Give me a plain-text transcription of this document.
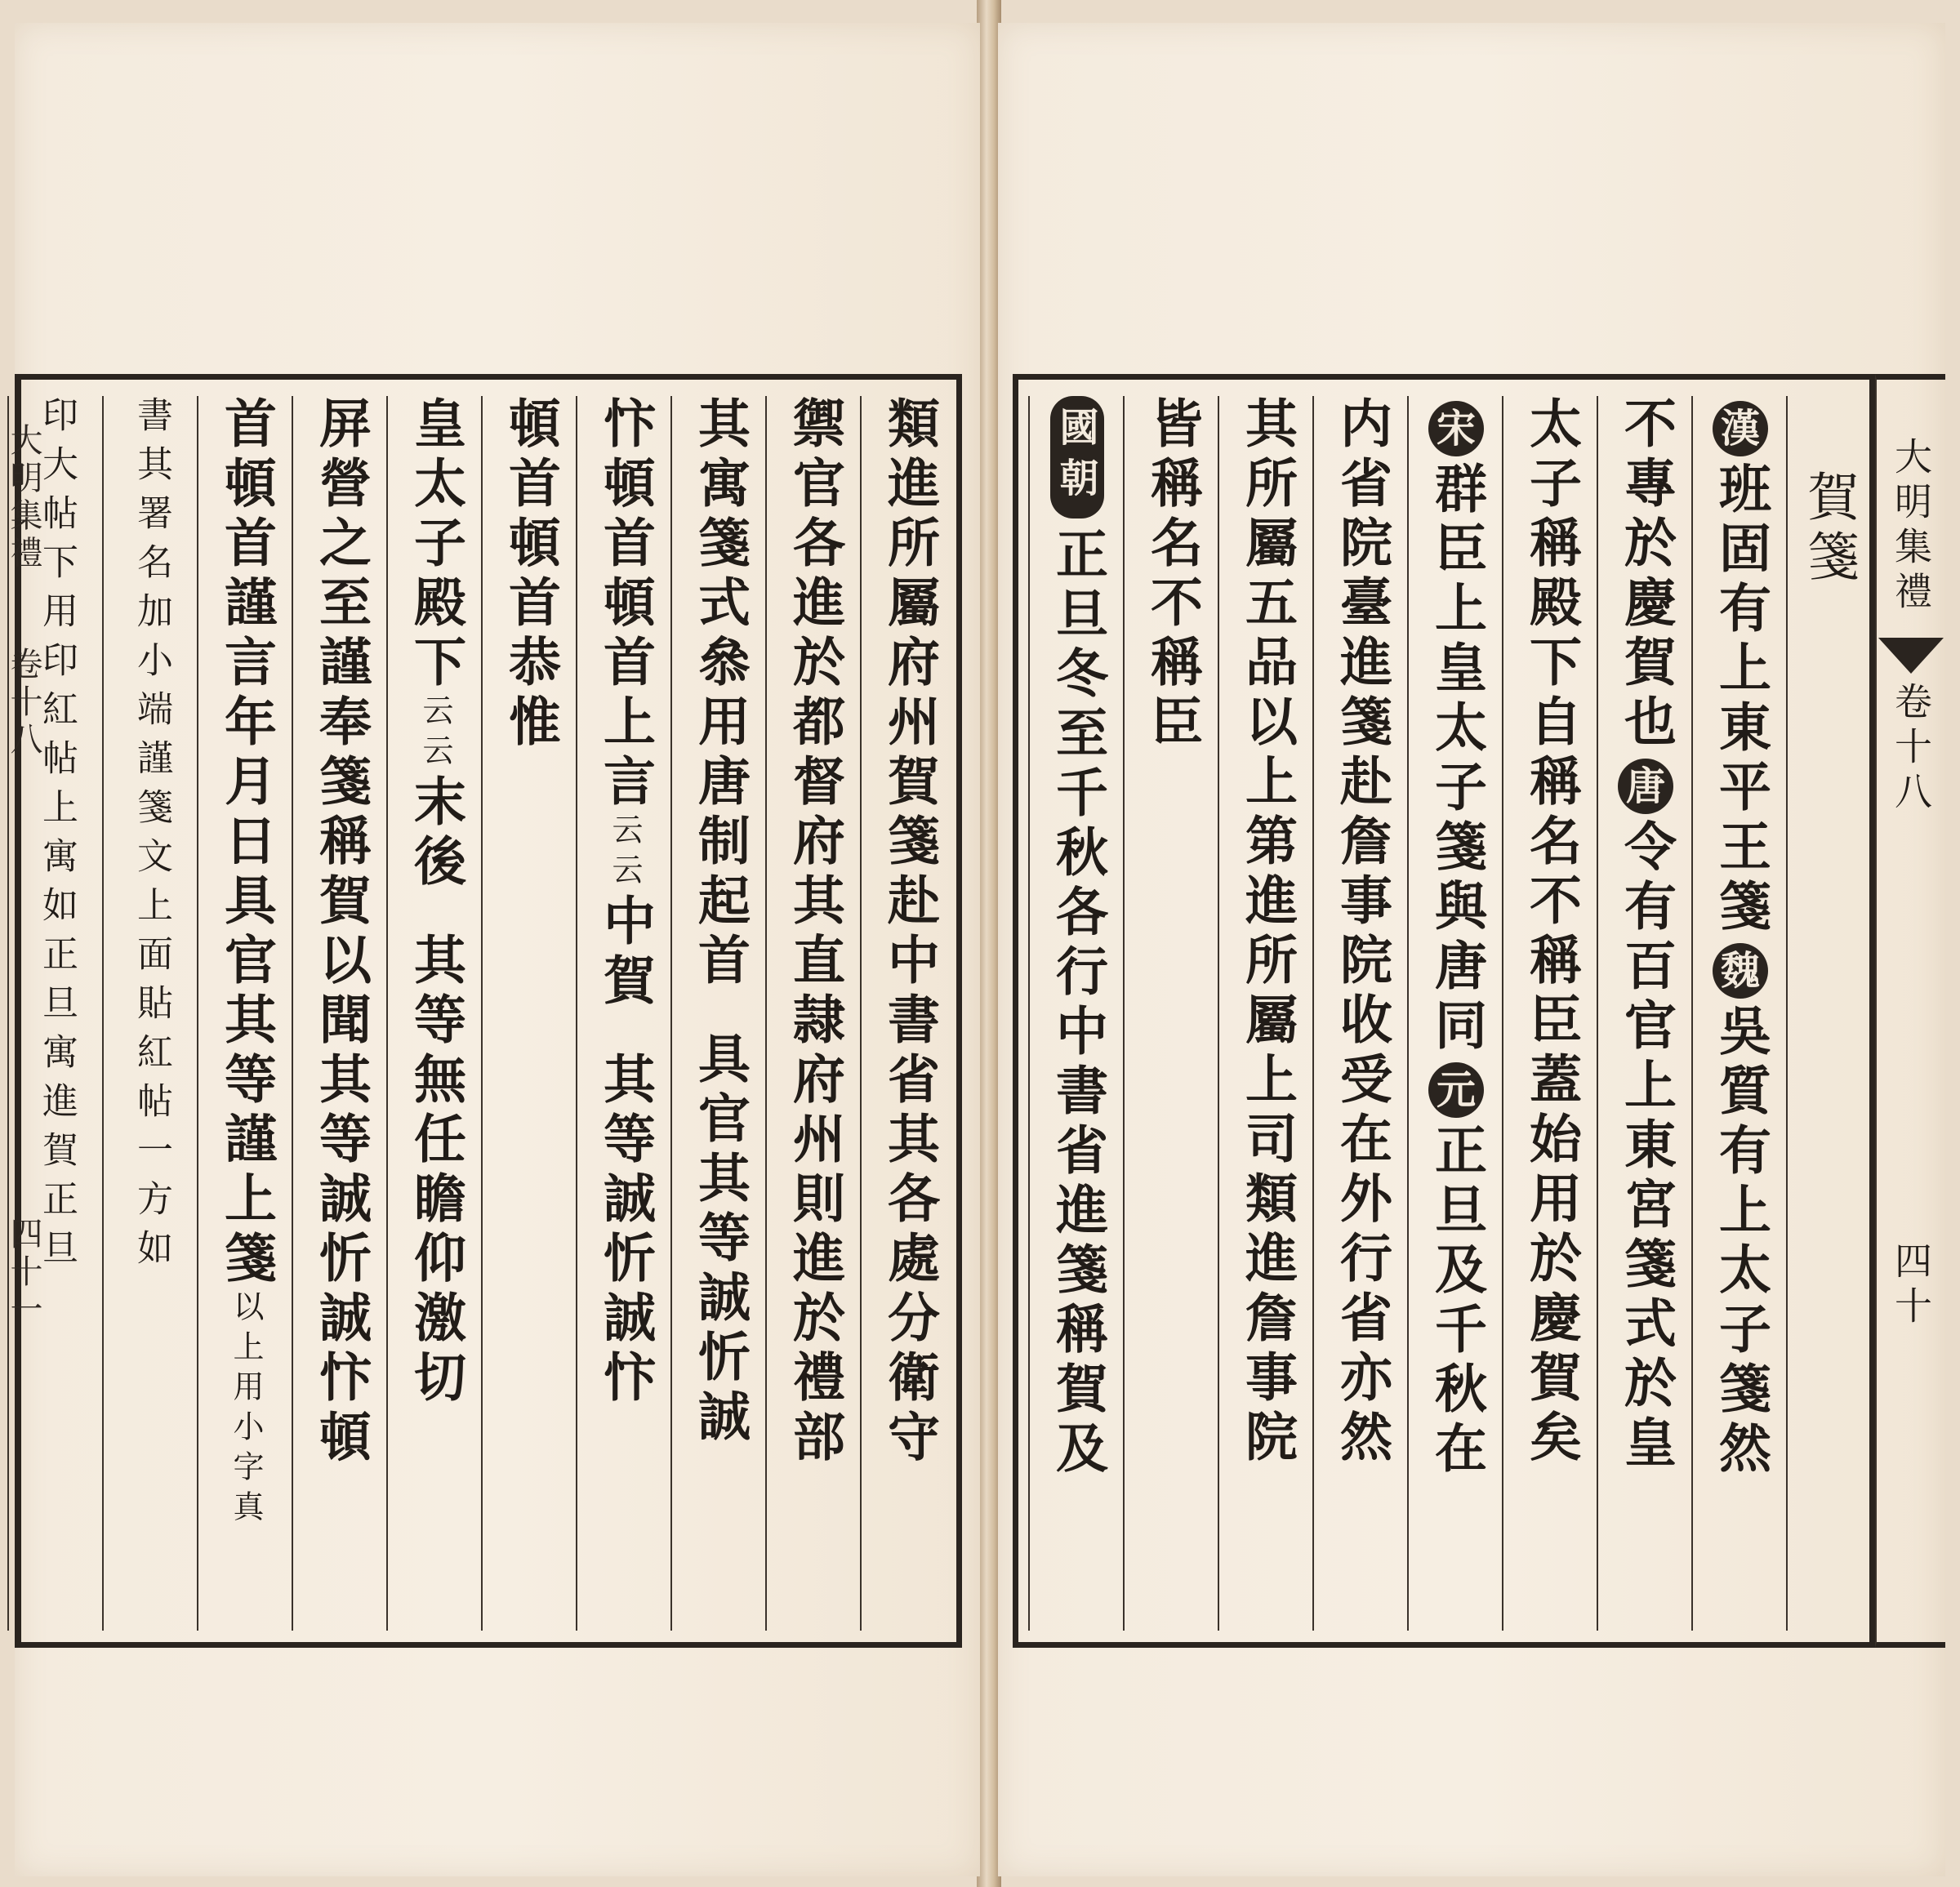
類進所屬府州賀箋赴中書省其各處分衛守
禦官各進於都督府其直隷府州則進於禮部
其寓箋式叅用唐制起首
具官其等誠忻誠
忭頓首頓首上言
云云
中賀
其等誠忻誠忭
頓首頓首恭惟
皇太子殿下
云云
末後
其等無任瞻仰激切
屏營之至謹奉箋稱賀以聞其等誠忻誠忭頓
首頓首謹言年月日具官其等謹上箋
以上用小字真
書其署名加小端謹箋文上面貼紅帖一方如
印大帖下用印紅帖上寓如正旦寓進賀正旦
大明集禮
卷十八
四十一
賀箋
漢
班固有上東平王箋
魏
吳質有上太子箋然
不專於慶賀也
唐
令有百官上東宮箋式於皇
太子稱殿下自稱名不稱臣蓋始用於慶賀矣
宋
群臣上皇太子箋與唐同
元
正旦及千秋在
内省院臺進箋赴詹事院收受在外行省亦然
其所屬五品以上第進所屬上司類進詹事院
皆稱名不稱臣
國朝
正旦冬至千秋各行中書省進箋稱賀及	大明集禮
卷十八
四十
